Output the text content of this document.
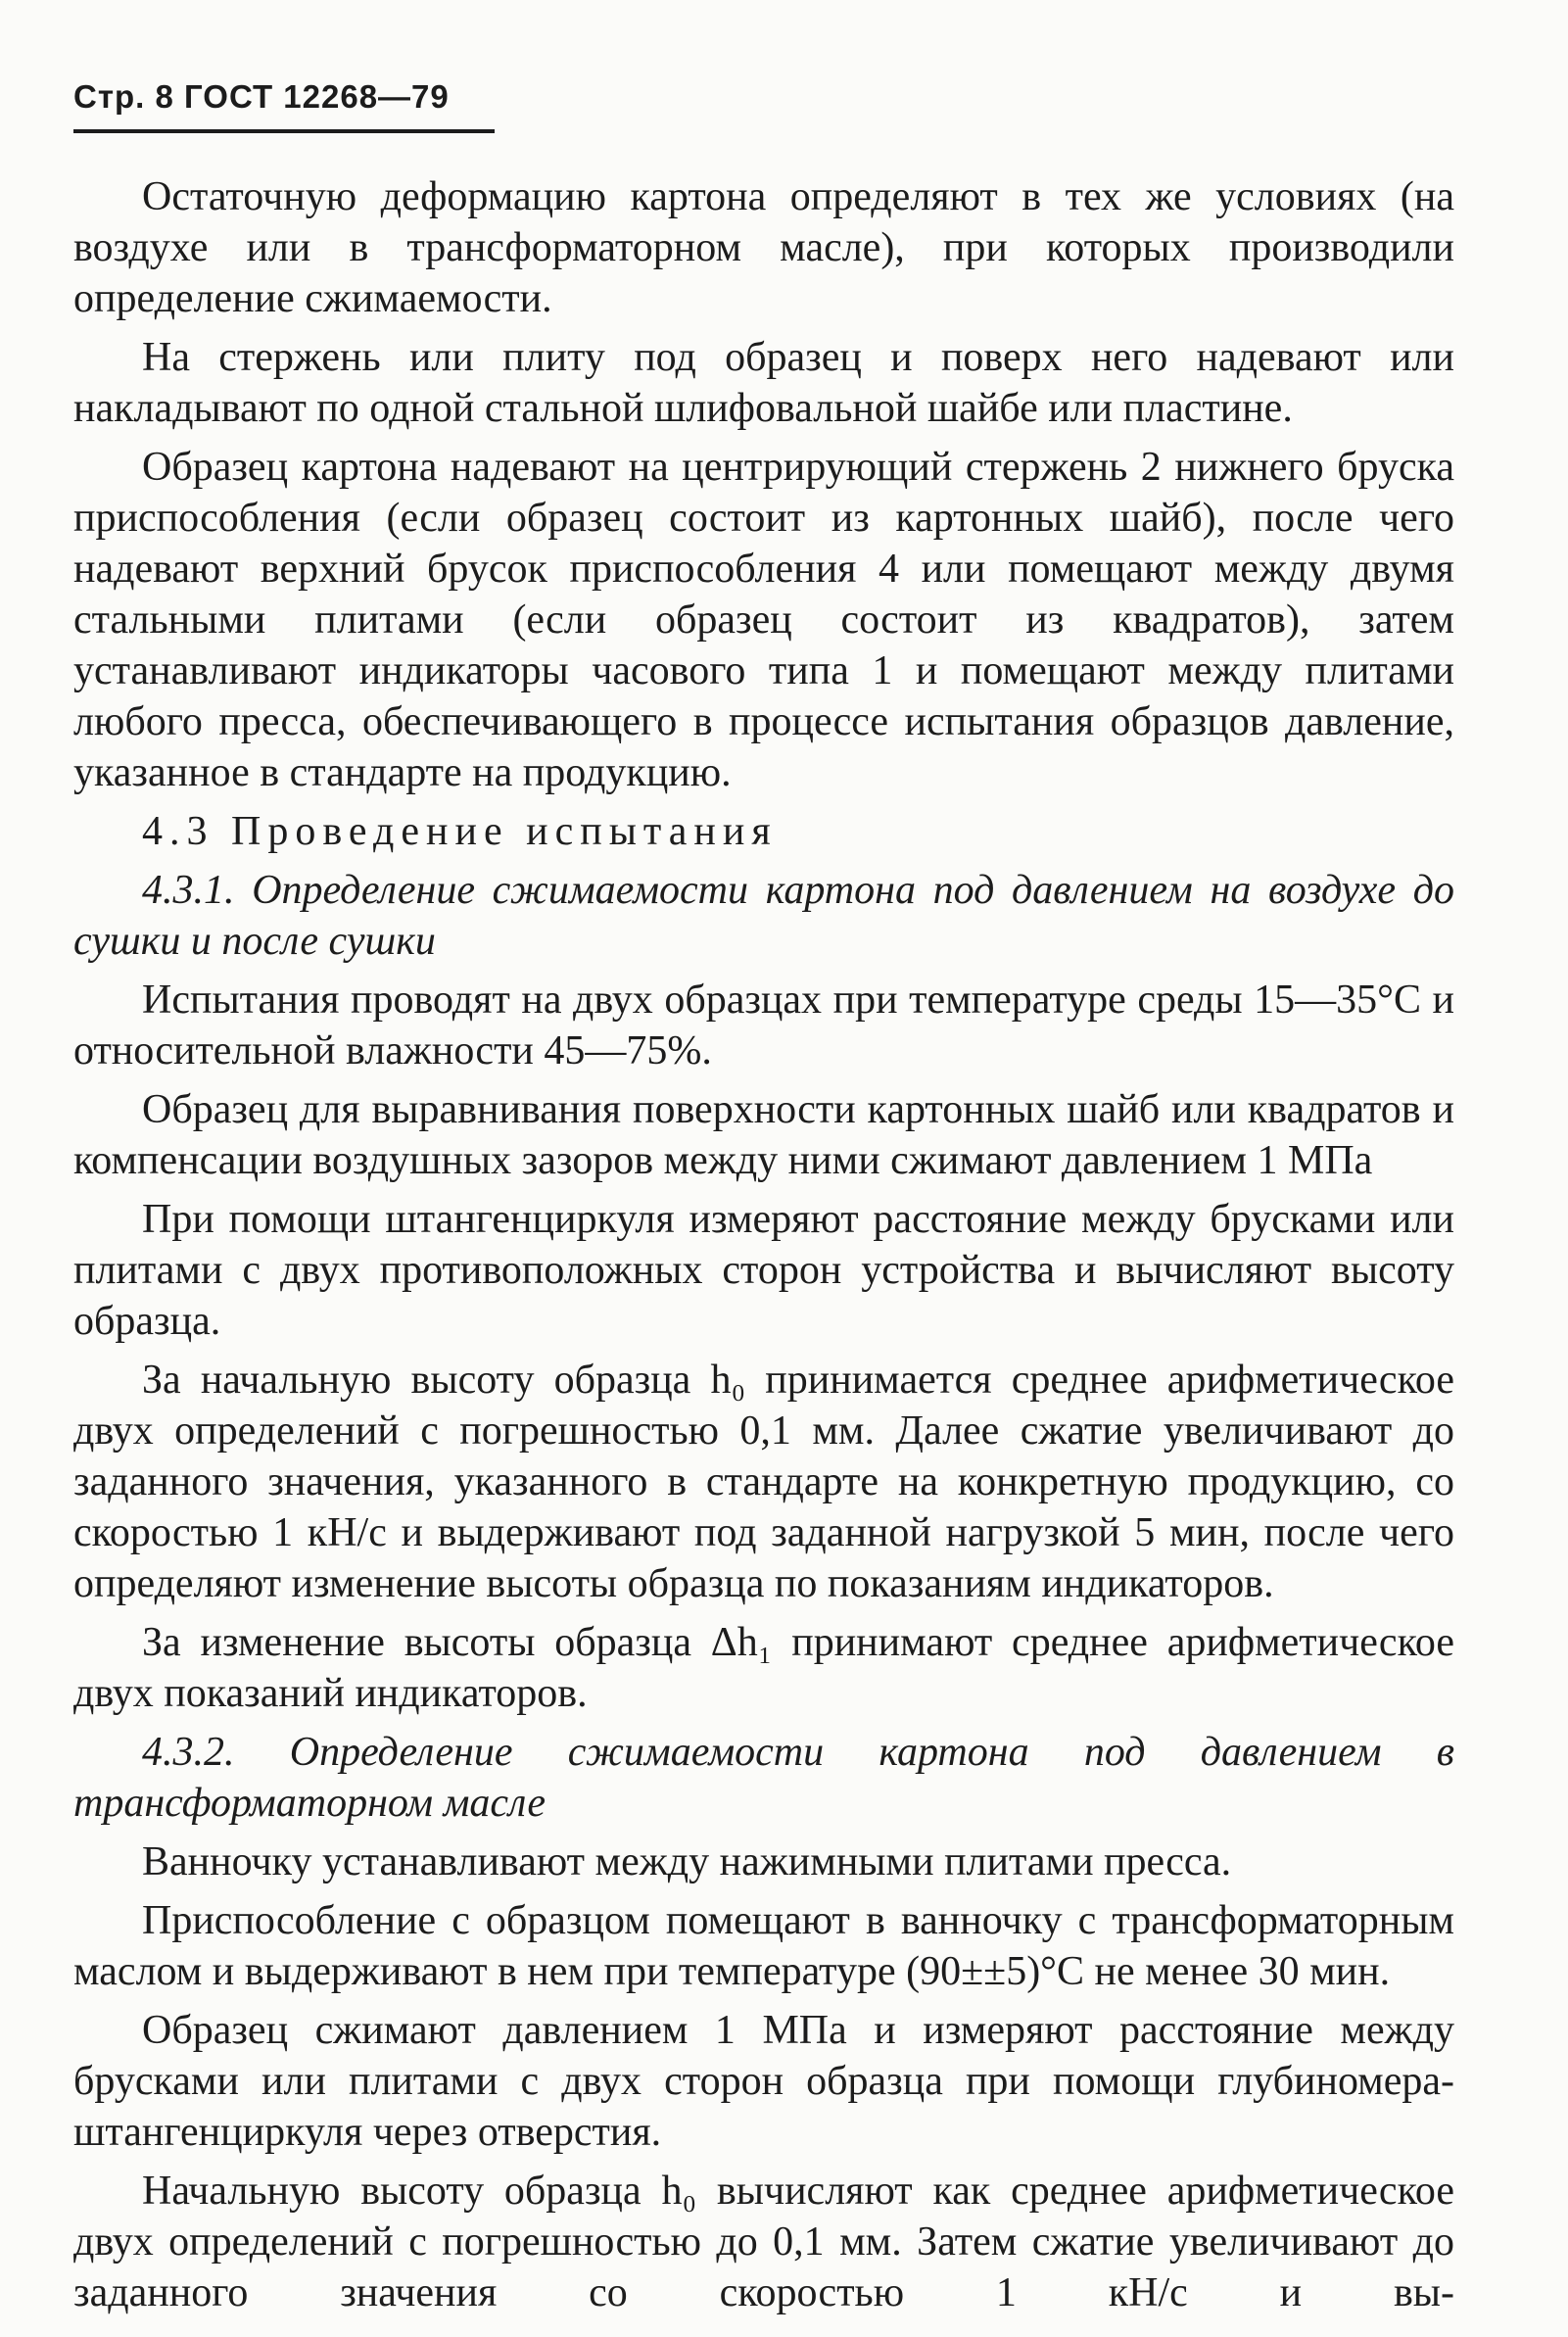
Стр. 8 ГОСТ 12268—79

Остаточную деформацию картона определяют в тех же условиях (на воздухе или в трансформаторном масле), при которых производили определение сжимаемости.

На стержень или плиту под образец и поверх него надевают или накладывают по одной стальной шлифовальной шайбе или пластине.

Образец картона надевают на центрирующий стержень 2 нижнего бруска приспособления (если образец состоит из картонных шайб), после чего надевают верхний брусок приспособления 4 или помещают между двумя стальными плитами (если образец состоит из квадратов), затем устанавливают индикаторы часового типа 1 и помещают между плитами любого пресса, обеспечивающего в процессе испытания образцов давление, указанное в стандарте на продукцию.

4.3 Проведение испытания

4.3.1. Определение сжимаемости картона под давлением на воздухе до сушки и после сушки

Испытания проводят на двух образцах при температуре среды 15—35°C и относительной влажности 45—75%.

Образец для выравнивания поверхности картонных шайб или квадратов и компенсации воздушных зазоров между ними сжимают давлением 1 МПа

При помощи штангенциркуля измеряют расстояние между брусками или плитами с двух противоположных сторон устройства и вычисляют высоту образца.

За начальную высоту образца h₀ принимается среднее арифметическое двух определений с погрешностью 0,1 мм. Далее сжатие увеличивают до заданного значения, указанного в стандарте на конкретную продукцию, со скоростью 1 кН/с и выдерживают под заданной нагрузкой 5 мин, после чего определяют изменение высоты образца по показаниям индикаторов.

За изменение высоты образца Δh₁ принимают среднее арифметическое двух показаний индикаторов.

4.3.2. Определение сжимаемости картона под давлением в трансформаторном масле

Ванночку устанавливают между нажимными плитами пресса.

Приспособление с образцом помещают в ванночку с трансформаторным маслом и выдерживают в нем при температуре (90±±5)°C не менее 30 мин.

Образец сжимают давлением 1 МПа и измеряют расстояние между брусками или плитами с двух сторон образца при помощи глубиномера-штангенциркуля через отверстия.

Начальную высоту образца h₀ вычисляют как среднее арифметическое двух определений с погрешностью до 0,1 мм. Затем сжатие увеличивают до заданного значения со скоростью 1 кН/с и вы-
